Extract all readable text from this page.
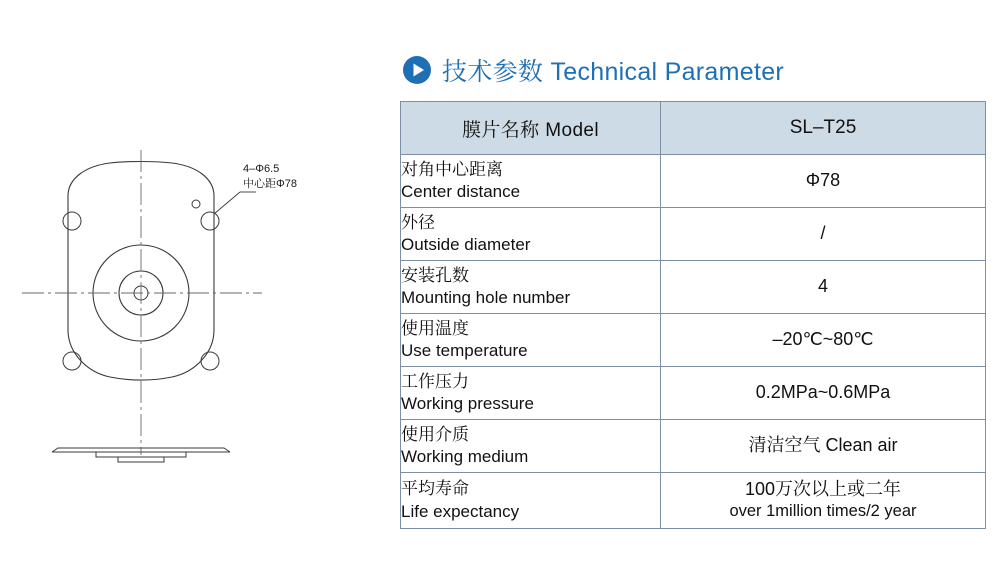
4–Φ6.5
中心距Φ78
技术参数 Technical Parameter
膜片名称 Model	SL–T25

对角中心距离
Center distance	Φ78

外径
Outside diameter	/

安装孔数
Mounting hole number	4

使用温度
Use temperature	–20℃~80℃

工作压力
Working pressure	0.2MPa~0.6MPa

使用介质
Working medium	清洁空气 Clean air

平均寿命
Life expectancy	100万次以上或二年
over 1million times/2 year
